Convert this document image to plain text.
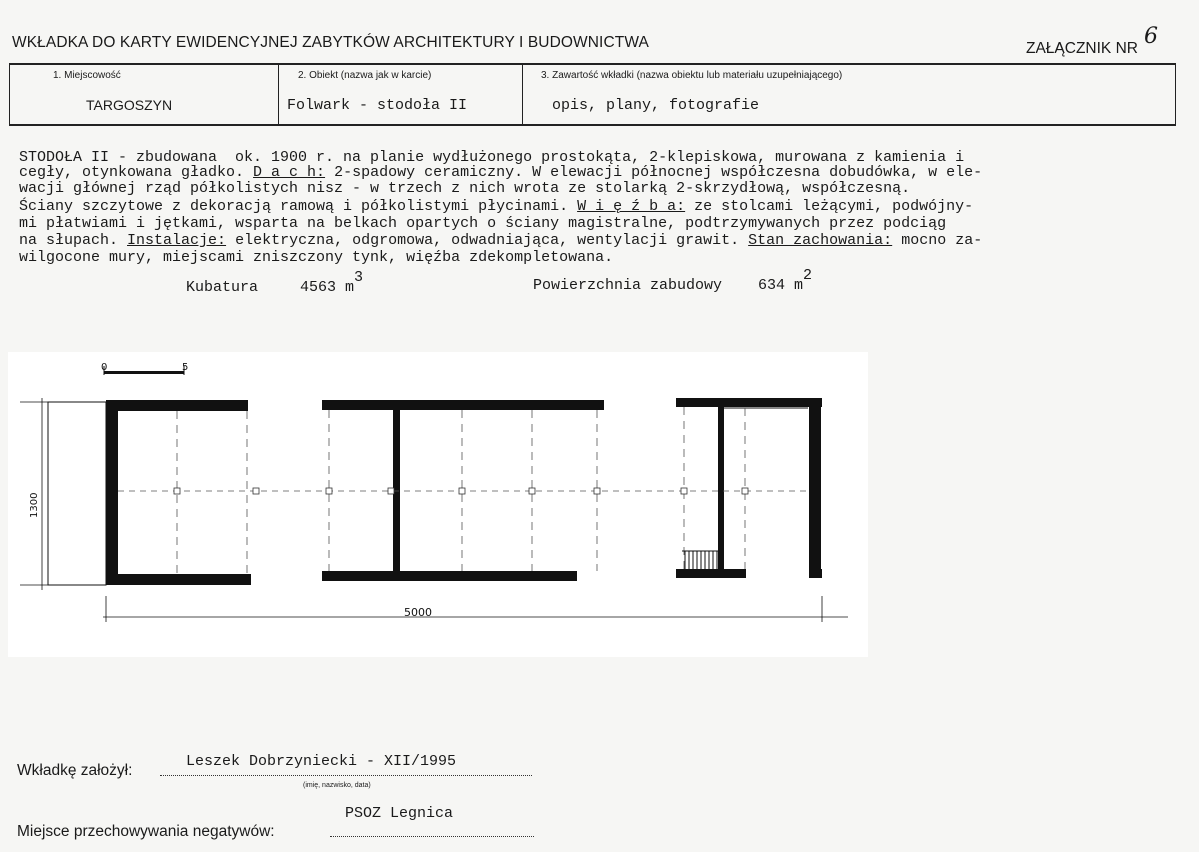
WKŁADKA DO KARTY EWIDENCYJNEJ ZABYTKÓW ARCHITEKTURY I BUDOWNICTWA	ZAŁĄCZNIK NR 6
1. Miejscowość
TARGOSZYN
2. Obiekt (nazwa jak w karcie)
Folwark - stodoła II
3. Zawartość wkładki (nazwa obiektu lub materiału uzupełniającego)
opis, plany, fotografie
STODOŁA II - zbudowana  ok. 1900 r. na planie wydłużonego prostokąta, 2-klepiskowa, murowana z kamienia i
cegły, otynkowana gładko. D a c h: 2-spadowy ceramiczny. W elewacji północnej współczesna dobudówka, w ele-
wacji głównej rząd półkolistych nisz - w trzech z nich wrota ze stolarką 2-skrzydłową, współczesną.
Ściany szczytowe z dekoracją ramową i półkolistymi płycinami. W i ę ź b a: ze stolcami leżącymi, podwójny-
mi płatwiami i jętkami, wsparta na belkach opartych o ściany magistralne, podtrzymywanych przez podciąg
na słupach. Instalacje: elektryczna, odgromowa, odwadniająca, wentylacji grawit. Stan zachowania: mocno za-
wilgocone mury, miejscami zniszczony tynk, więźba zdekompletowana.
Kubatura	4563 m3	Powierzchnia zabudowy 634 m2
0	5
1300
5000
Wkładkę założył:
Leszek Dobrzyniecki - XII/1995
(imię, nazwisko, data)
Miejsce przechowywania negatywów:
PSOZ Legnica
